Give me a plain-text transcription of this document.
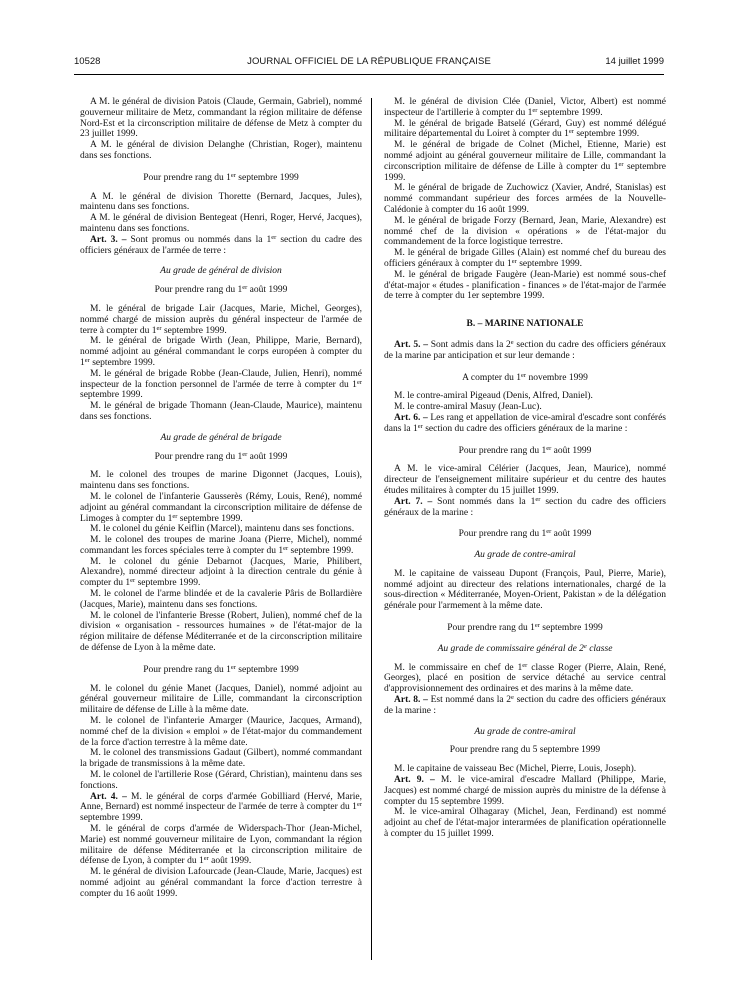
10528	JOURNAL OFFICIEL DE LA RÉPUBLIQUE FRANÇAISE	14 juillet 1999

A M. le général de division Patois (Claude, Germain, Gabriel), nommé gouverneur militaire de Metz, commandant la région militaire de défense Nord-Est et la circonscription militaire de défense de Metz à compter du 23 juillet 1999.

A M. le général de division Delanghe (Christian, Roger), maintenu dans ses fonctions.

Pour prendre rang du 1er septembre 1999

A M. le général de division Thorette (Bernard, Jacques, Jules), maintenu dans ses fonctions.

A M. le général de division Bentegeat (Henri, Roger, Hervé, Jacques), maintenu dans ses fonctions.

Art. 3. – Sont promus ou nommés dans la 1er section du cadre des officiers généraux de l'armée de terre :

Au grade de général de division

Pour prendre rang du 1er août 1999

M. le général de brigade Lair (Jacques, Marie, Michel, Georges), nommé chargé de mission auprès du général inspecteur de l'armée de terre à compter du 1er septembre 1999.

M. le général de brigade Wirth (Jean, Philippe, Marie, Bernard), nommé adjoint au général commandant le corps européen à compter du 1er septembre 1999.

M. le général de brigade Robbe (Jean-Claude, Julien, Henri), nommé inspecteur de la fonction personnel de l'armée de terre à compter du 1er septembre 1999.

M. le général de brigade Thomann (Jean-Claude, Maurice), maintenu dans ses fonctions.

Au grade de général de brigade

Pour prendre rang du 1er août 1999

M. le colonel des troupes de marine Digonnet (Jacques, Louis), maintenu dans ses fonctions.

M. le colonel de l'infanterie Gausserès (Rémy, Louis, René), nommé adjoint au général commandant la circonscription militaire de défense de Limoges à compter du 1er septembre 1999.

M. le colonel du génie Keiflin (Marcel), maintenu dans ses fonctions.

M. le colonel des troupes de marine Joana (Pierre, Michel), nommé commandant les forces spéciales terre à compter du 1er septembre 1999.

M. le colonel du génie Debarnot (Jacques, Marie, Philibert, Alexandre), nommé directeur adjoint à la direction centrale du génie à compter du 1er septembre 1999.

M. le colonel de l'arme blindée et de la cavalerie Pâris de Bollardière (Jacques, Marie), maintenu dans ses fonctions.

M. le colonel de l'infanterie Bresse (Robert, Julien), nommé chef de la division « organisation - ressources humaines » de l'état-major de la région militaire de défense Méditerranée et de la circonscription militaire de défense de Lyon à la même date.

Pour prendre rang du 1er septembre 1999

M. le colonel du génie Manet (Jacques, Daniel), nommé adjoint au général gouverneur militaire de Lille, commandant la circonscription militaire de défense de Lille à la même date.

M. le colonel de l'infanterie Amarger (Maurice, Jacques, Armand), nommé chef de la division « emploi » de l'état-major du commandement de la force d'action terrestre à la même date.

M. le colonel des transmissions Gadaut (Gilbert), nommé commandant la brigade de transmissions à la même date.

M. le colonel de l'artillerie Rose (Gérard, Christian), maintenu dans ses fonctions.

Art. 4. – M. le général de corps d'armée Gobilliard (Hervé, Marie, Anne, Bernard) est nommé inspecteur de l'armée de terre à compter du 1er septembre 1999.

M. le général de corps d'armée de Widerspach-Thor (Jean-Michel, Marie) est nommé gouverneur militaire de Lyon, commandant la région militaire de défense Méditerranée et la circonscription militaire de défense de Lyon, à compter du 1er août 1999.

M. le général de division Lafourcade (Jean-Claude, Marie, Jacques) est nommé adjoint au général commandant la force d'action terrestre à compter du 16 août 1999.

M. le général de division Clée (Daniel, Victor, Albert) est nommé inspecteur de l'artillerie à compter du 1er septembre 1999.

M. le général de brigade Batselé (Gérard, Guy) est nommé délégué militaire départemental du Loiret à compter du 1er septembre 1999.

M. le général de brigade de Colnet (Michel, Etienne, Marie) est nommé adjoint au général gouverneur militaire de Lille, commandant la circonscription militaire de défense de Lille à compter du 1er septembre 1999.

M. le général de brigade de Zuchowicz (Xavier, André, Stanislas) est nommé commandant supérieur des forces armées de la Nouvelle-Calédonie à compter du 16 août 1999.

M. le général de brigade Forzy (Bernard, Jean, Marie, Alexandre) est nommé chef de la division « opérations » de l'état-major du commandement de la force logistique terrestre.

M. le général de brigade Gilles (Alain) est nommé chef du bureau des officiers généraux à compter du 1er septembre 1999.

M. le général de brigade Faugère (Jean-Marie) est nommé sous-chef d'état-major « études - planification - finances » de l'état-major de l'armée de terre à compter du 1er septembre 1999.

B. – MARINE NATIONALE

Art. 5. – Sont admis dans la 2e section du cadre des officiers généraux de la marine par anticipation et sur leur demande :

A compter du 1er novembre 1999

M. le contre-amiral Pigeaud (Denis, Alfred, Daniel).

M. le contre-amiral Masuy (Jean-Luc).

Art. 6. – Les rang et appellation de vice-amiral d'escadre sont conférés dans la 1er section du cadre des officiers généraux de la marine :

Pour prendre rang du 1er août 1999

A M. le vice-amiral Célérier (Jacques, Jean, Maurice), nommé directeur de l'enseignement militaire supérieur et du centre des hautes études militaires à compter du 15 juillet 1999.

Art. 7. – Sont nommés dans la 1er section du cadre des officiers généraux de la marine :

Pour prendre rang du 1er août 1999

Au grade de contre-amiral

M. le capitaine de vaisseau Dupont (François, Paul, Pierre, Marie), nommé adjoint au directeur des relations internationales, chargé de la sous-direction « Méditerranée, Moyen-Orient, Pakistan » de la délégation générale pour l'armement à la même date.

Pour prendre rang du 1er septembre 1999

Au grade de commissaire général de 2e classe

M. le commissaire en chef de 1er classe Roger (Pierre, Alain, René, Georges), placé en position de service détaché au service central d'approvisionnement des ordinaires et des marins à la même date.

Art. 8. – Est nommé dans la 2e section du cadre des officiers généraux de la marine :

Au grade de contre-amiral

Pour prendre rang du 5 septembre 1999

M. le capitaine de vaisseau Bec (Michel, Pierre, Louis, Joseph).

Art. 9. – M. le vice-amiral d'escadre Mallard (Philippe, Marie, Jacques) est nommé chargé de mission auprès du ministre de la défense à compter du 15 septembre 1999.

M. le vice-amiral Olhagaray (Michel, Jean, Ferdinand) est nommé adjoint au chef de l'état-major interarmées de planification opérationnelle à compter du 15 juillet 1999.
